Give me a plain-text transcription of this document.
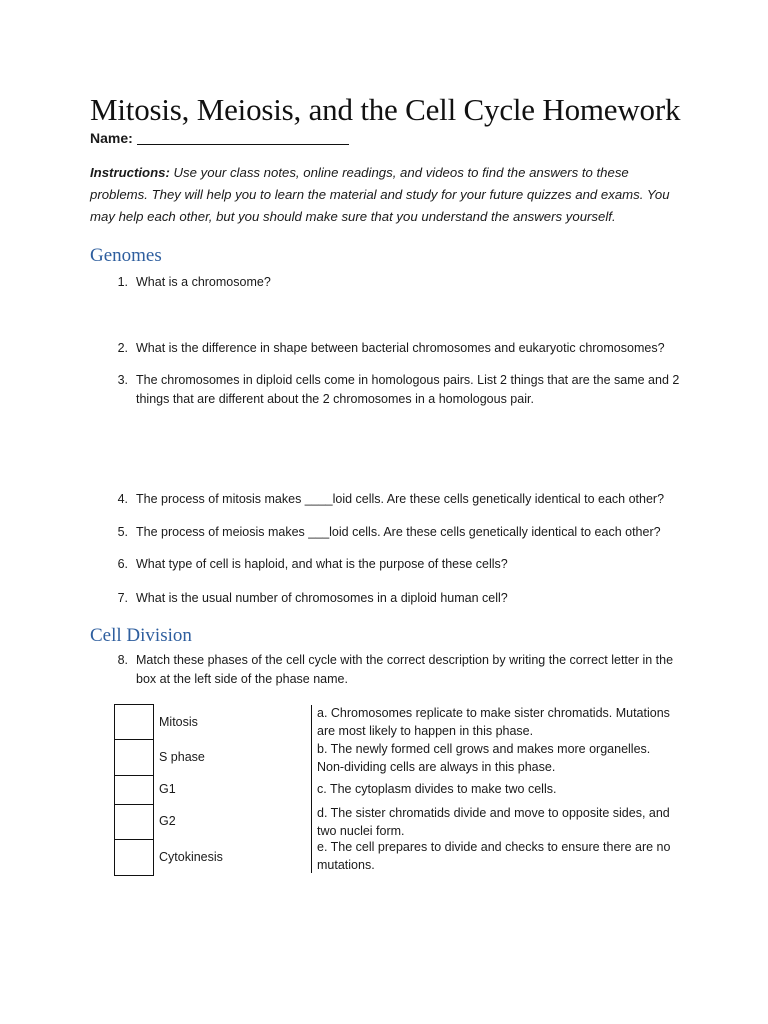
Mitosis, Meiosis, and the Cell Cycle Homework
Name:
Instructions: Use your class notes, online readings, and videos to find the answers to these problems. They will help you to learn the material and study for your future quizzes and exams. You may help each other, but you should make sure that you understand the answers yourself.
Genomes
1. What is a chromosome?
2. What is the difference in shape between bacterial chromosomes and eukaryotic chromosomes?
3. The chromosomes in diploid cells come in homologous pairs. List 2 things that are the same and 2 things that are different about the 2 chromosomes in a homologous pair.
4. The process of mitosis makes ____loid cells. Are these cells genetically identical to each other?
5. The process of meiosis makes ___loid cells. Are these cells genetically identical to each other?
6. What type of cell is haploid, and what is the purpose of these cells?
7. What is the usual number of chromosomes in a diploid human cell?
Cell Division
8. Match these phases of the cell cycle with the correct description by writing the correct letter in the box at the left side of the phase name.
Mitosis
S phase
G1
G2
Cytokinesis
a. Chromosomes replicate to make sister chromatids. Mutations are most likely to happen in this phase.
b. The newly formed cell grows and makes more organelles. Non-dividing cells are always in this phase.
c. The cytoplasm divides to make two cells.
d. The sister chromatids divide and move to opposite sides, and two nuclei form.
e. The cell prepares to divide and checks to ensure there are no mutations.
